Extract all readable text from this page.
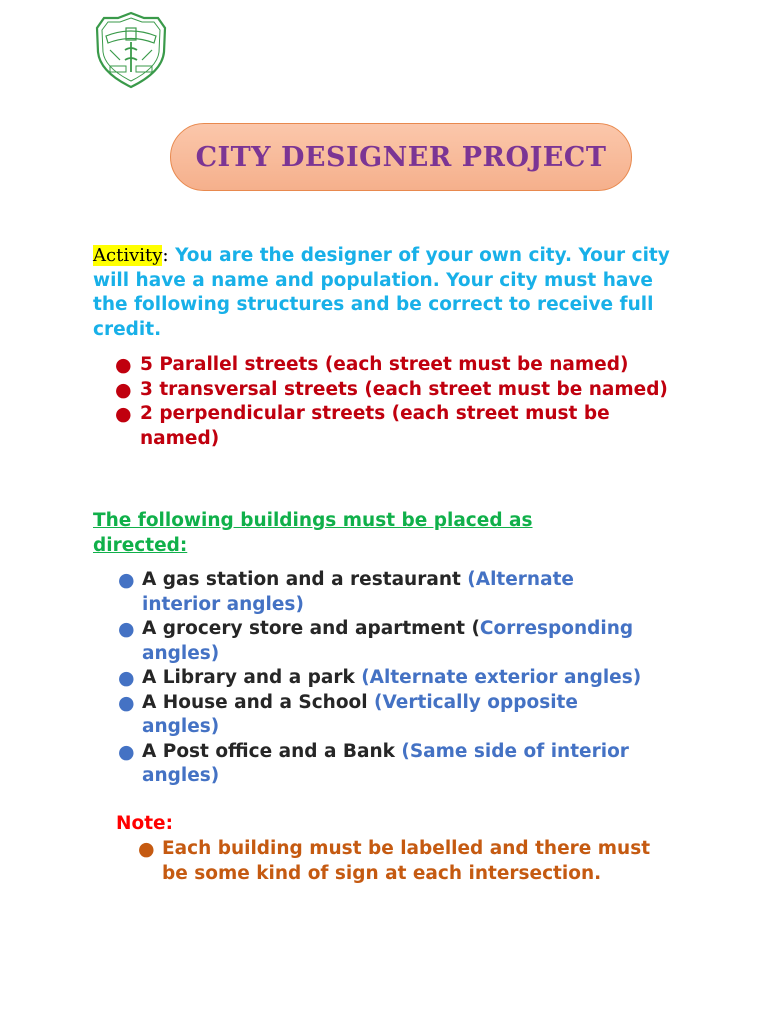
CITY DESIGNER PROJECT
Activity: You are the designer of your own city. Your city will have a name and population. Your city must have the following structures and be correct to receive full credit.
● 5 Parallel streets (each street must be named)
● 3 transversal streets (each street must be named)
● 2 perpendicular streets (each street must be named)
The following buildings must be placed as directed:
● A gas station and a restaurant (Alternate interior angles)
● A grocery store and apartment (Corresponding angles)
● A Library and a park (Alternate exterior angles)
● A House and a School (Vertically opposite angles)
● A Post office and a Bank (Same side of interior angles)
Note:
● Each building must be labelled and there must be some kind of sign at each intersection.
